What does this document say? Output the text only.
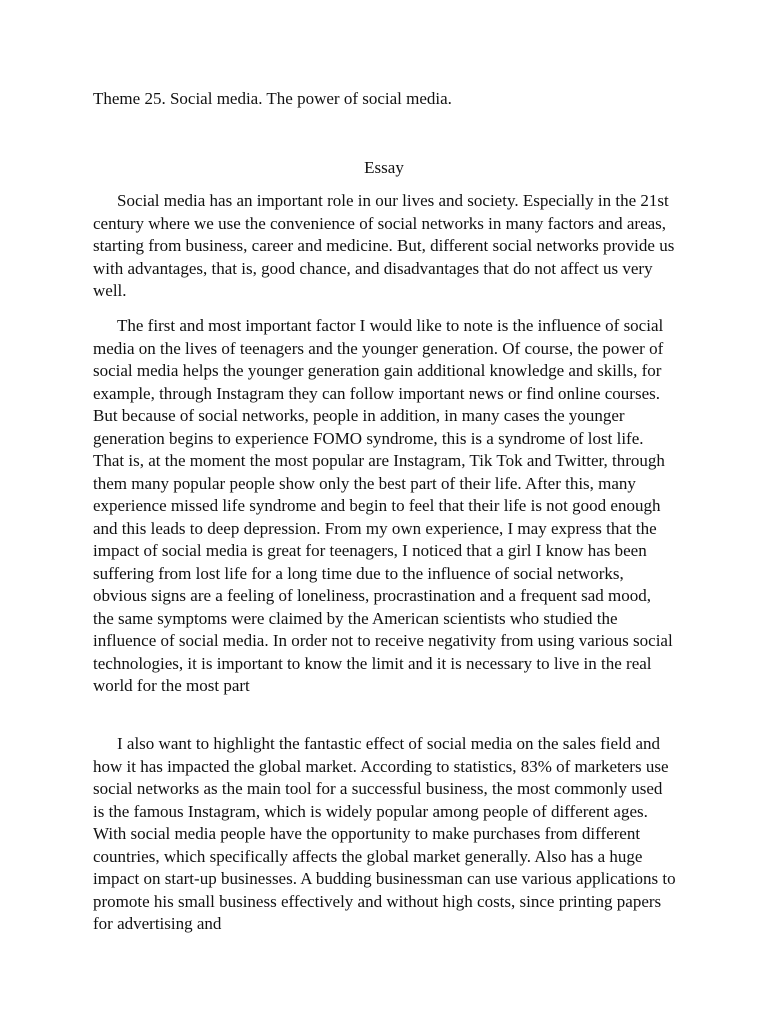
Theme 25. Social media. The power of social media.
Essay

Social media has an important role in our lives and society. Especially in the 21st century where we use the convenience of social networks in many factors and areas, starting from business, career and medicine. But, different social networks provide us with advantages, that is, good chance, and disadvantages that do not affect us very well.

The first and most important factor I would like to note is the influence of social media on the lives of teenagers and the younger generation. Of course, the power of social media helps the younger generation gain additional knowledge and skills, for example, through Instagram they can follow important news or find online courses. But because of social networks, people in addition, in many cases the younger generation begins to experience FOMO syndrome, this is a syndrome of lost life. That is, at the moment the most popular are Instagram, Tik Tok and Twitter, through them many popular people show only the best part of their life. After this, many experience missed life syndrome and begin to feel that their life is not good enough and this leads to deep depression. From my own experience, I may express that the impact of social media is great for teenagers, I noticed that a girl I know has been suffering from lost life for a long time due to the influence of social networks, obvious signs are a feeling of loneliness, procrastination and a frequent sad mood, the same symptoms were claimed by the American scientists who studied the influence of social media. In order not to receive negativity from using various social technologies, it is important to know the limit and it is necessary to live in the real world for the most part

I also want to highlight the fantastic effect of social media on the sales field and how it has impacted the global market. According to statistics, 83% of marketers use social networks as the main tool for a successful business, the most commonly used is the famous Instagram, which is widely popular among people of different ages. With social media people have the opportunity to make purchases from different countries, which specifically affects the global market generally. Also has a huge impact on start-up businesses. A budding businessman can use various applications to promote his small business effectively and without high costs, since printing papers for advertising and
